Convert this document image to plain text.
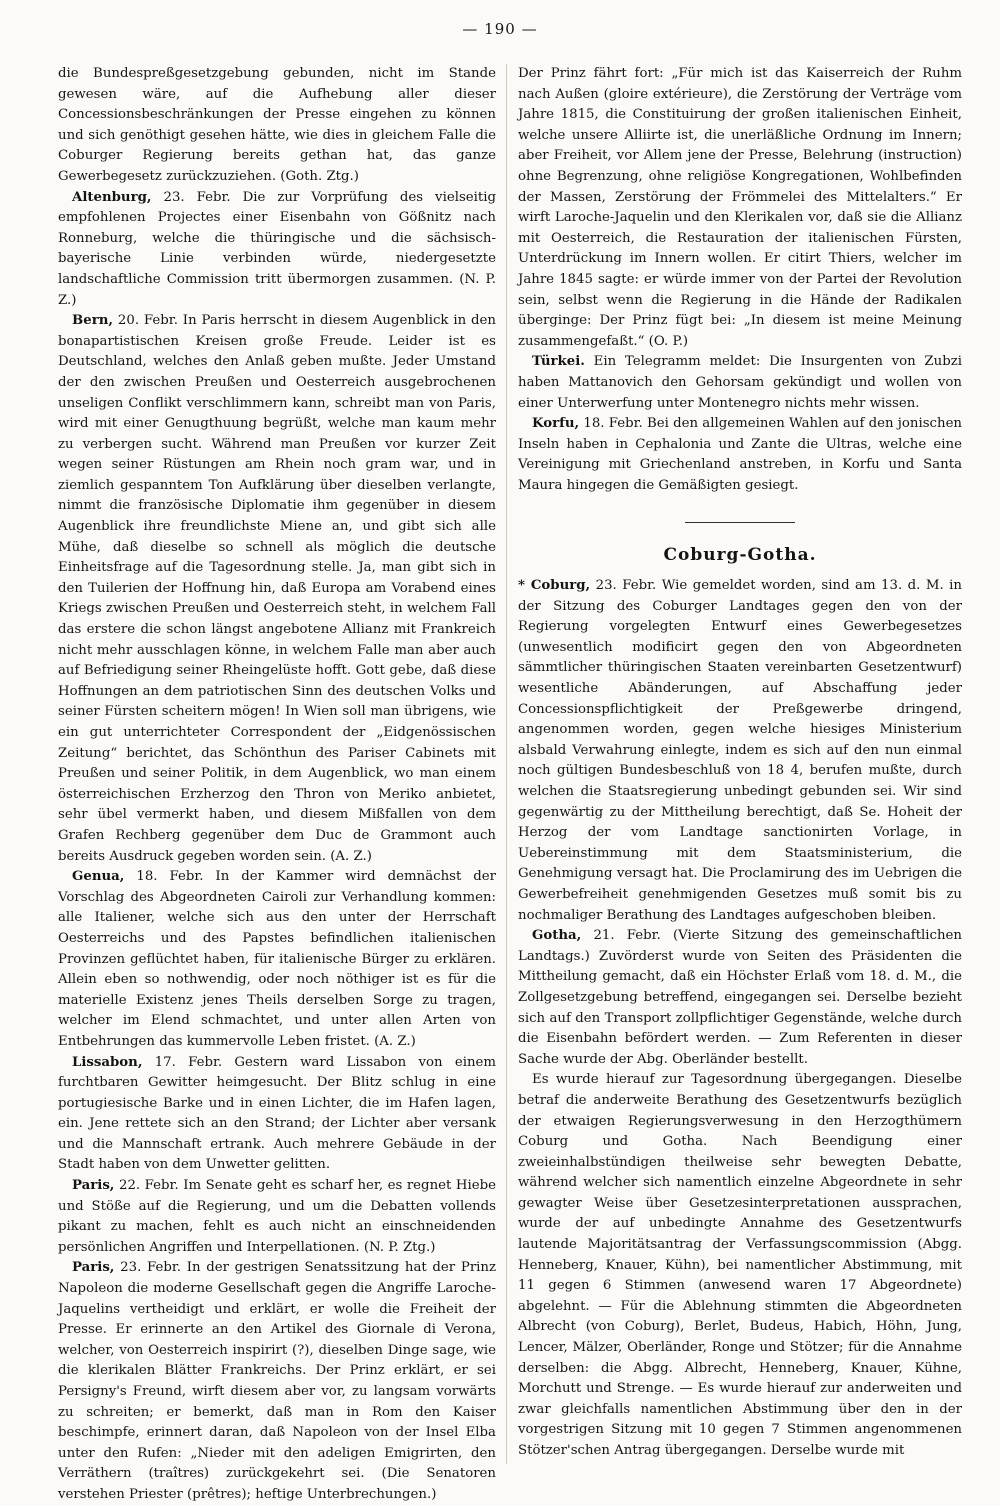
— 190 —

die Bundespreßgesetzgebung gebunden, nicht im Stande gewesen wäre, auf die Aufhebung aller dieser Concessionsbeschränkungen der Presse eingehen zu können und sich genöthigt gesehen hätte, wie dies in gleichem Falle die Coburger Regierung bereits gethan hat, das ganze Gewerbegesetz zurückzuziehen. (Goth. Ztg.)

Altenburg, 23. Febr. Die zur Vorprüfung des vielseitig empfohlenen Projectes einer Eisenbahn von Gößnitz nach Ronneburg, welche die thüringische und die sächsisch-bayerische Linie verbinden würde, niedergesetzte landschaftliche Commission tritt übermorgen zusammen. (N. P. Z.)

Bern, 20. Febr. In Paris herrscht in diesem Augenblick in den bonapartistischen Kreisen große Freude. Leider ist es Deutschland, welches den Anlaß geben mußte. Jeder Umstand der den zwischen Preußen und Oesterreich ausgebrochenen unseligen Conflikt verschlimmern kann, schreibt man von Paris, wird mit einer Genugthuung begrüßt, welche man kaum mehr zu verbergen sucht. Während man Preußen vor kurzer Zeit wegen seiner Rüstungen am Rhein noch gram war, und in ziemlich gespanntem Ton Aufklärung über dieselben verlangte, nimmt die französische Diplomatie ihm gegenüber in diesem Augenblick ihre freundlichste Miene an, und gibt sich alle Mühe, daß dieselbe so schnell als möglich die deutsche Einheitsfrage auf die Tagesordnung stelle. Ja, man gibt sich in den Tuilerien der Hoffnung hin, daß Europa am Vorabend eines Kriegs zwischen Preußen und Oesterreich steht, in welchem Fall das erstere die schon längst angebotene Allianz mit Frankreich nicht mehr ausschlagen könne, in welchem Falle man aber auch auf Befriedigung seiner Rheingelüste hofft. Gott gebe, daß diese Hoffnungen an dem patriotischen Sinn des deutschen Volks und seiner Fürsten scheitern mögen! In Wien soll man übrigens, wie ein gut unterrichteter Correspondent der „Eidgenössischen Zeitung“ berichtet, das Schönthun des Pariser Cabinets mit Preußen und seiner Politik, in dem Augenblick, wo man einem österreichischen Erzherzog den Thron von Meriko anbietet, sehr übel vermerkt haben, und diesem Mißfallen von dem Grafen Rechberg gegenüber dem Duc de Grammont auch bereits Ausdruck gegeben worden sein. (A. Z.)

Genua, 18. Febr. In der Kammer wird demnächst der Vorschlag des Abgeordneten Cairoli zur Verhandlung kommen: alle Italiener, welche sich aus den unter der Herrschaft Oesterreichs und des Papstes befindlichen italienischen Provinzen geflüchtet haben, für italienische Bürger zu erklären. Allein eben so nothwendig, oder noch nöthiger ist es für die materielle Existenz jenes Theils derselben Sorge zu tragen, welcher im Elend schmachtet, und unter allen Arten von Entbehrungen das kummervolle Leben fristet. (A. Z.)

Lissabon, 17. Febr. Gestern ward Lissabon von einem furchtbaren Gewitter heimgesucht. Der Blitz schlug in eine portugiesische Barke und in einen Lichter, die im Hafen lagen, ein. Jene rettete sich an den Strand; der Lichter aber versank und die Mannschaft ertrank. Auch mehrere Gebäude in der Stadt haben von dem Unwetter gelitten.

Paris, 22. Febr. Im Senate geht es scharf her, es regnet Hiebe und Stöße auf die Regierung, und um die Debatten vollends pikant zu machen, fehlt es auch nicht an einschneidenden persönlichen Angriffen und Interpellationen. (N. P. Ztg.)

Paris, 23. Febr. In der gestrigen Senatssitzung hat der Prinz Napoleon die moderne Gesellschaft gegen die Angriffe Laroche-Jaquelins vertheidigt und erklärt, er wolle die Freiheit der Presse. Er erinnerte an den Artikel des Giornale di Verona, welcher, von Oesterreich inspirirt (?), dieselben Dinge sage, wie die klerikalen Blätter Frankreichs. Der Prinz erklärt, er sei Persigny's Freund, wirft diesem aber vor, zu langsam vorwärts zu schreiten; er bemerkt, daß man in Rom den Kaiser beschimpfe, erinnert daran, daß Napoleon von der Insel Elba unter den Rufen: „Nieder mit den adeligen Emigrirten, den Verräthern (traîtres) zurückgekehrt sei. (Die Senatoren verstehen Priester (prêtres); heftige Unterbrechungen.)

Der Prinz fährt fort: „Für mich ist das Kaiserreich der Ruhm nach Außen (gloire extérieure), die Zerstörung der Verträge vom Jahre 1815, die Constituirung der großen italienischen Einheit, welche unsere Alliirte ist, die unerläßliche Ordnung im Innern; aber Freiheit, vor Allem jene der Presse, Belehrung (instruction) ohne Begrenzung, ohne religiöse Kongregationen, Wohlbefinden der Massen, Zerstörung der Frömmelei des Mittelalters.“ Er wirft Laroche-Jaquelin und den Klerikalen vor, daß sie die Allianz mit Oesterreich, die Restauration der italienischen Fürsten, Unterdrückung im Innern wollen. Er citirt Thiers, welcher im Jahre 1845 sagte: er würde immer von der Partei der Revolution sein, selbst wenn die Regierung in die Hände der Radikalen überginge: Der Prinz fügt bei: „In diesem ist meine Meinung zusammengefaßt.“ (O. P.)

Türkei. Ein Telegramm meldet: Die Insurgenten von Zubzi haben Mattanovich den Gehorsam gekündigt und wollen von einer Unterwerfung unter Montenegro nichts mehr wissen.

Korfu, 18. Febr. Bei den allgemeinen Wahlen auf den jonischen Inseln haben in Cephalonia und Zante die Ultras, welche eine Vereinigung mit Griechenland anstreben, in Korfu und Santa Maura hingegen die Gemäßigten gesiegt.

Coburg-Gotha.

* Coburg, 23. Febr. Wie gemeldet worden, sind am 13. d. M. in der Sitzung des Coburger Landtages gegen den von der Regierung vorgelegten Entwurf eines Gewerbegesetzes (unwesentlich modificirt gegen den von Abgeordneten sämmtlicher thüringischen Staaten vereinbarten Gesetzentwurf) wesentliche Abänderungen, auf Abschaffung jeder Concessionspflichtigkeit der Preßgewerbe dringend, angenommen worden, gegen welche hiesiges Ministerium alsbald Verwahrung einlegte, indem es sich auf den nun einmal noch gültigen Bundesbeschluß von 18 4, berufen mußte, durch welchen die Staatsregierung unbedingt gebunden sei. Wir sind gegenwärtig zu der Mittheilung berechtigt, daß Se. Hoheit der Herzog der vom Landtage sanctionirten Vorlage, in Uebereinstimmung mit dem Staatsministerium, die Genehmigung versagt hat. Die Proclamirung des im Uebrigen die Gewerbefreiheit genehmigenden Gesetzes muß somit bis zu nochmaliger Berathung des Landtages aufgeschoben bleiben.

Gotha, 21. Febr. (Vierte Sitzung des gemeinschaftlichen Landtags.) Zuvörderst wurde von Seiten des Präsidenten die Mittheilung gemacht, daß ein Höchster Erlaß vom 18. d. M., die Zollgesetzgebung betreffend, eingegangen sei. Derselbe bezieht sich auf den Transport zollpflichtiger Gegenstände, welche durch die Eisenbahn befördert werden. — Zum Referenten in dieser Sache wurde der Abg. Oberländer bestellt.

Es wurde hierauf zur Tagesordnung übergegangen. Dieselbe betraf die anderweite Berathung des Gesetzentwurfs bezüglich der etwaigen Regierungsverwesung in den Herzogthümern Coburg und Gotha. Nach Beendigung einer zweieinhalbstündigen theilweise sehr bewegten Debatte, während welcher sich namentlich einzelne Abgeordnete in sehr gewagter Weise über Gesetzesinterpretationen aussprachen, wurde der auf unbedingte Annahme des Gesetzentwurfs lautende Majoritätsantrag der Verfassungscommission (Abgg. Henneberg, Knauer, Kühn), bei namentlicher Abstimmung, mit 11 gegen 6 Stimmen (anwesend waren 17 Abgeordnete) abgelehnt. — Für die Ablehnung stimmten die Abgeordneten Albrecht (von Coburg), Berlet, Budeus, Habich, Höhn, Jung, Lencer, Mälzer, Oberländer, Ronge und Stötzer; für die Annahme derselben: die Abgg. Albrecht, Henneberg, Knauer, Kühne, Morchutt und Strenge. — Es wurde hierauf zur anderweiten und zwar gleichfalls namentlichen Abstimmung über den in der vorgestrigen Sitzung mit 10 gegen 7 Stimmen angenommenen Stötzer'schen Antrag übergegangen. Derselbe wurde mit
